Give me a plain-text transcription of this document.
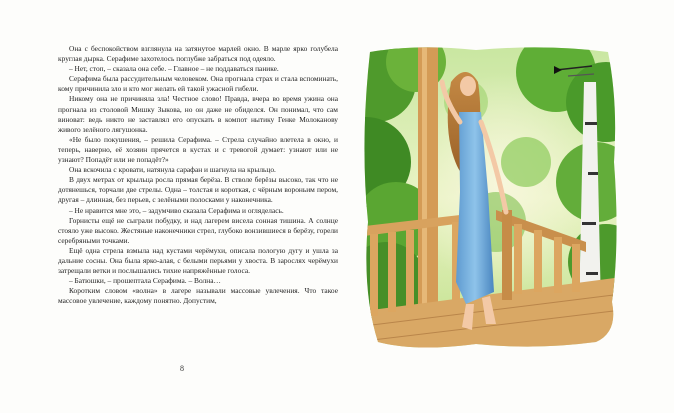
Она с беспокойством взглянула на затянутое марлей окно. В марле ярко голубела круглая дырка. Серафиме захотелось поглубже забраться под одеяло.

– Нет, стоп, – сказала она себе. – Главное – не поддаваться панике.

Серафима была рассудительным человеком. Она прогнала страх и стала вспоминать, кому причинила зло и кто мог желать ей такой ужасной гибели.

Никому она не причиняла зла! Честное слово! Правда, вчера во время ужина она прогнала из столовой Мишку Зыкова, но он даже не обиделся. Он понимал, что сам виноват: ведь никто не заставлял его опускать в компот нытику Генке Молоканову живого зелёного лягушонка.

«Не было покушения, – решила Серафима. – Стрела случайно влетела в окно, и теперь, наверно, её хозяин прячется в кустах и с тревогой думает: узнают или не узнают? Попадёт или не попадёт?»

Она вскочила с кровати, натянула сарафан и шагнула на крыльцо.

В двух метрах от крыльца росла прямая берёза. В стволе берёзы высоко, так что не дотянешься, торчали две стрелы. Одна – толстая и короткая, с чёрным вороньим пером, другая – длинная, без перьев, с зелёными полосками у наконечника.

– Не нравится мне это, – задумчиво сказала Серафима и огляделась.

Горнисты ещё не сыграли побудку, и над лагерем висела сонная тишина. А солнце стояло уже высоко. Жестяные наконечники стрел, глубоко вонзившиеся в берёзу, горели серебряными точками.

Ещё одна стрела взмыла над кустами черёмухи, описала пологую дугу и ушла за дальние сосны. Она была ярко-алая, с белыми перьями у хвоста. В зарослях черёмухи затрещали ветки и послышались тихие напряжённые голоса.

– Батюшки, – прошептала Серафима. – Волна…

Коротким словом «волна» в лагере называли массовые увлечения. Что такое массовое увлечение, каждому понятно. Допустим,

8
